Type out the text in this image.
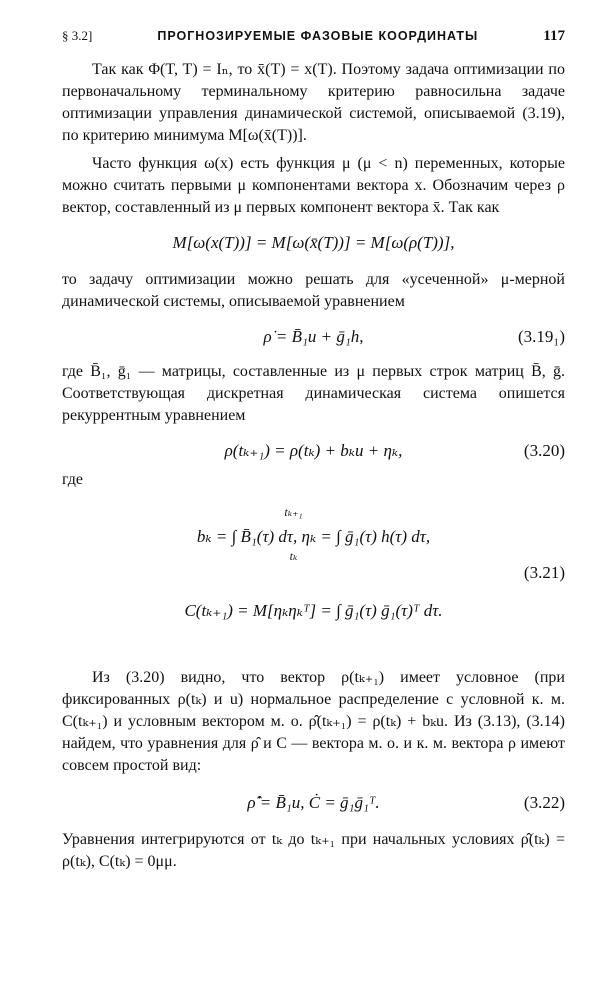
§ 3.2]	ПРОГНОЗИРУЕМЫЕ ФАЗОВЫЕ КООРДИНАТЫ	117

Так как Φ(T, T) = Iₙ, то x̄(T) = x(T). Поэтому задача оптимизации по первоначальному терминальному критерию равносильна задаче оптимизации управления динамической системой, описываемой (3.19), по критерию минимума M[ω(x̄(T))].

Часто функция ω(x) есть функция μ (μ < n) переменных, которые можно считать первыми μ компонентами вектора x. Обозначим через ρ вектор, составленный из μ первых компонент вектора x̄. Так как

M[ω(x(T))] = M[ω(x̄(T))] = M[ω(ρ(T))],

то задачу оптимизации можно решать для «усеченной» μ-мерной динамической системы, описываемой уравнением

ρ̇ = B̄₁u + ḡ₁h,	(3.19₁)

где B̄₁, ḡ₁ — матрицы, составленные из μ первых строк матриц B̄, ḡ. Соответствующая дискретная динамическая система опишется рекуррентным уравнением

ρ(tₖ₊₁) = ρ(tₖ) + bₖu + ηₖ,	(3.20)

где

tₖ₊₁
bₖ = ∫ B̄₁(τ) dτ, ηₖ = ∫ ḡ₁(τ) h(τ) dτ,
tₖ
(3.21)
C(tₖ₊₁) = M[ηₖηₖᵀ] = ∫ ḡ₁(τ) ḡ₁(τ)ᵀ dτ.

Из (3.20) видно, что вектор ρ(tₖ₊₁) имеет условное (при фиксированных ρ(tₖ) и u) нормальное распределение с условной к. м. C(tₖ₊₁) и условным вектором м. о. ρ̂(tₖ₊₁) = ρ(tₖ) + bₖu. Из (3.13), (3.14) найдем, что уравнения для ρ̂ и C — вектора м. о. и к. м. вектора ρ имеют совсем простой вид:

ρ̂̇ = B̄₁u, Ċ = ḡ₁ḡ₁ᵀ.	(3.22)

Уравнения интегрируются от tₖ до tₖ₊₁ при начальных условиях ρ̂(tₖ) = ρ(tₖ), C(tₖ) = 0μμ.
